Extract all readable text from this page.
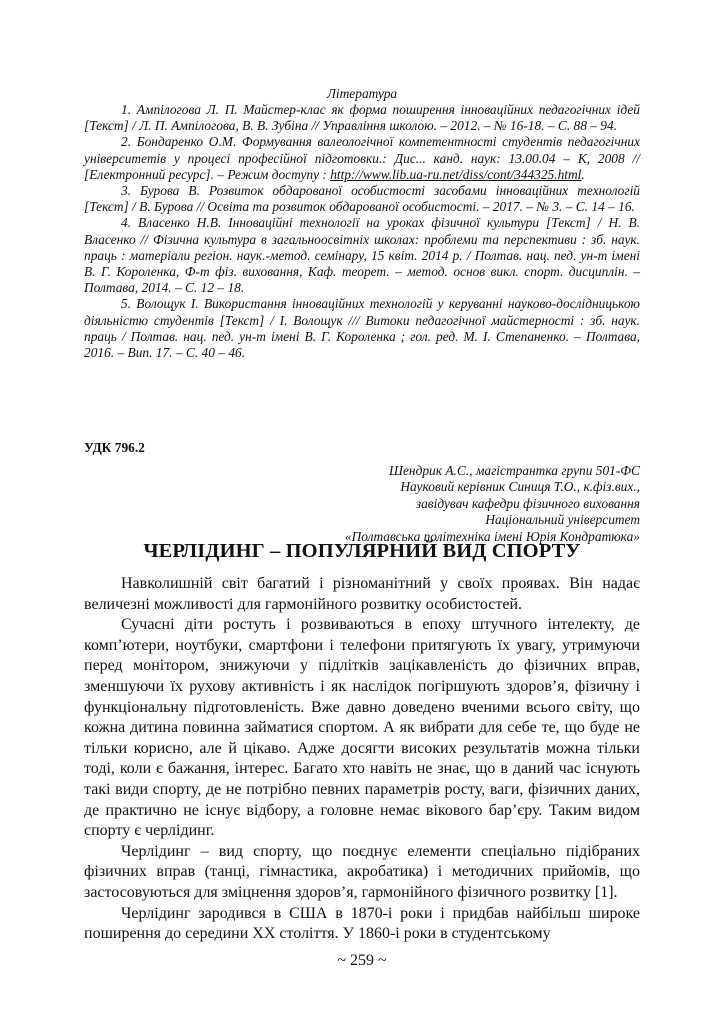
Література

1. Ампілогова Л. П. Майстер-клас як форма поширення інноваційних педагогічних ідей [Текст] / Л. П. Ампілогова, В. В. Зубіна // Управління школою. – 2012. – № 16-18. – С. 88 – 94.

2. Бондаренко О.М. Формування валеологічної компетентності студентів педагогічних університетів у процесі професійної підготовки.: Дис... канд. наук: 13.00.04 – К, 2008 // [Електронний ресурс]. – Режим доступу : http://www.lib.ua-ru.net/diss/cont/344325.html.

3. Бурова В. Розвиток обдарованої особистості засобами інноваційних технологій [Текст] / В. Бурова // Освіта та розвиток обдарованої особистості. – 2017. – № 3. – С. 14 – 16.

4. Власенко Н.В. Інноваційні технології на уроках фізичної культури [Текст] / Н. В. Власенко // Фізична культура в загальноосвітніх школах: проблеми та перспективи : зб. наук. праць : матеріали регіон. наук.-метод. семінару, 15 квіт. 2014 р. / Полтав. нац. пед. ун-т імені В. Г. Короленка, Ф-т фіз. виховання, Каф. теорет. – метод. основ викл. спорт. дисциплін. – Полтава, 2014. – С. 12 – 18.

5. Волощук І. Використання інноваційних технологій у керуванні науково-дослідницькою діяльністю студентів [Текст] / І. Волощук /// Витоки педагогічної майстерності : зб. наук. праць / Полтав. нац. пед. ун-т імені В. Г. Короленка ; гол. ред. М. І. Степаненко. – Полтава, 2016. – Вип. 17. – С. 40 – 46.

УДК 796.2

Шендрик А.С., магістрантка групи 501-ФС
Науковий керівник Синиця Т.О., к.фіз.вих.,
завідувач кафедри фізичного виховання
Національний університет
«Полтавська політехніка імені Юрія Кондратюка»
ЧЕРЛІДИНГ – ПОПУЛЯРНИЙ ВИД СПОРТУ

Навколишній світ багатий і різноманітний у своїх проявах. Він надає величезні можливості для гармонійного розвитку особистостей.

Сучасні діти ростуть і розвиваються в епоху штучного інтелекту, де комп’ютери, ноутбуки, смартфони і телефони притягують їх увагу, утримуючи перед монітором, знижуючи у підлітків зацікавленість до фізичних вправ, зменшуючи їх рухову активність і як наслідок погіршують здоров’я, фізичну і функціональну підготовленість. Вже давно доведено вченими всього світу, що кожна дитина повинна займатися спортом. А як вибрати для себе те, що буде не тільки корисно, але й цікаво. Адже досягти високих результатів можна тільки тоді, коли є бажання, інтерес. Багато хто навіть не знає, що в даний час існують такі види спорту, де не потрібно певних параметрів росту, ваги, фізичних даних, де практично не існує відбору, а головне немає вікового бар’єру. Таким видом спорту є черлідинг.

Черлідинг – вид спорту, що поєднує елементи спеціально підібраних фізичних вправ (танці, гімнастика, акробатика) і методичних прийомів, що застосовуються для зміцнення здоров’я, гармонійного фізичного розвитку [1].

Черлідинг зародився в США в 1870-і роки і придбав найбільш широке поширення до середини XX століття. У 1860-і роки в студентському

~ 259 ~
